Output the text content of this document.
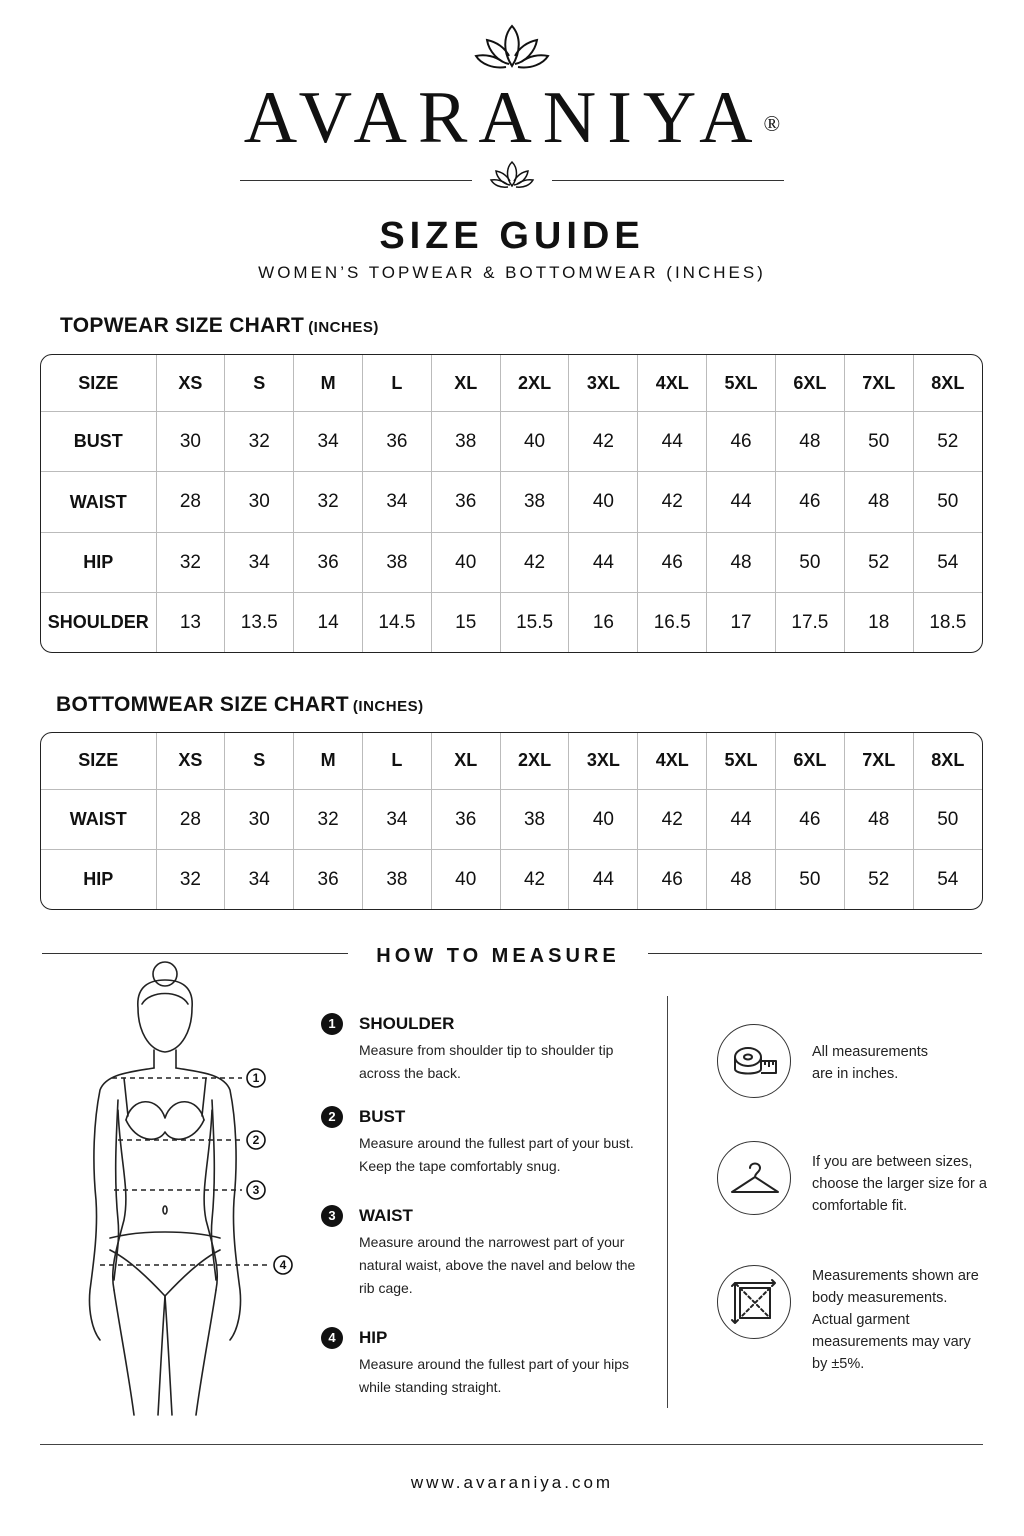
AVARANIYA®
SIZE GUIDE
WOMEN’S TOPWEAR & BOTTOMWEAR (INCHES)
TOPWEAR SIZE CHART (INCHES)
SIZE	XS	S	M	L	XL	2XL	3XL	4XL	5XL	6XL	7XL	8XL
BUST	30	32	34	36	38	40	42	44	46	48	50	52
WAIST	28	30	32	34	36	38	40	42	44	46	48	50
HIP	32	34	36	38	40	42	44	46	48	50	52	54
SHOULDER	13	13.5	14	14.5	15	15.5	16	16.5	17	17.5	18	18.5
BOTTOMWEAR SIZE CHART (INCHES)
SIZE	XS	S	M	L	XL	2XL	3XL	4XL	5XL	6XL	7XL	8XL
WAIST	28	30	32	34	36	38	40	42	44	46	48	50
HIP	32	34	36	38	40	42	44	46	48	50	52	54
HOW TO MEASURE
1
2
3
4
1	SHOULDER
Measure from shoulder tip to shoulder tip across the back.
2	BUST
Measure around the fullest part of your bust. Keep the tape comfortably snug.
3	WAIST
Measure around the narrowest part of your natural waist, above the navel and below the rib cage.
4	HIP
Measure around the fullest part of your hips while standing straight.
All measurements are in inches.
If you are between sizes, choose the larger size for a comfortable fit.
Measurements shown are body measurements. Actual garment measurements may vary by ±5%.
www.avaraniya.com
